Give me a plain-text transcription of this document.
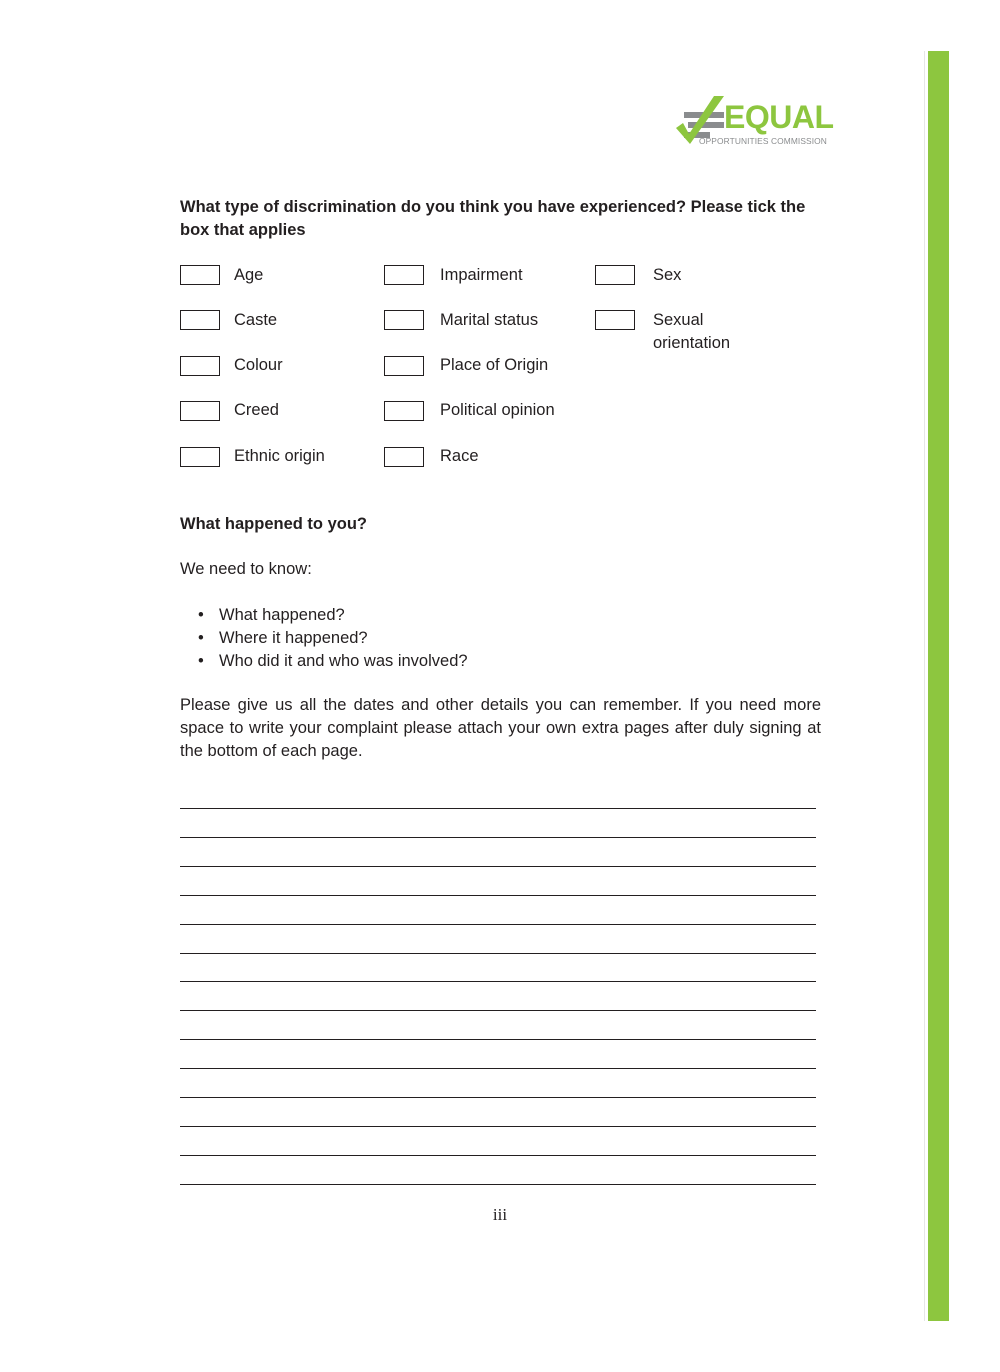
EQUAL
OPPORTUNITIES COMMISSION
What type of discrimination do you think you have experienced? Please tick the box that applies
Age
Caste
Colour
Creed
Ethnic origin
Impairment
Marital status
Place of Origin
Political opinion
Race
Sex
Sexual orientation
What happened to you?
We need to know:
• What happened?
• Where it happened?
• Who did it and who was involved?
Please give us all the dates and other details you can remember. If you need more space to write your complaint please attach your own extra pages after duly signing at the bottom of each page.
iii
